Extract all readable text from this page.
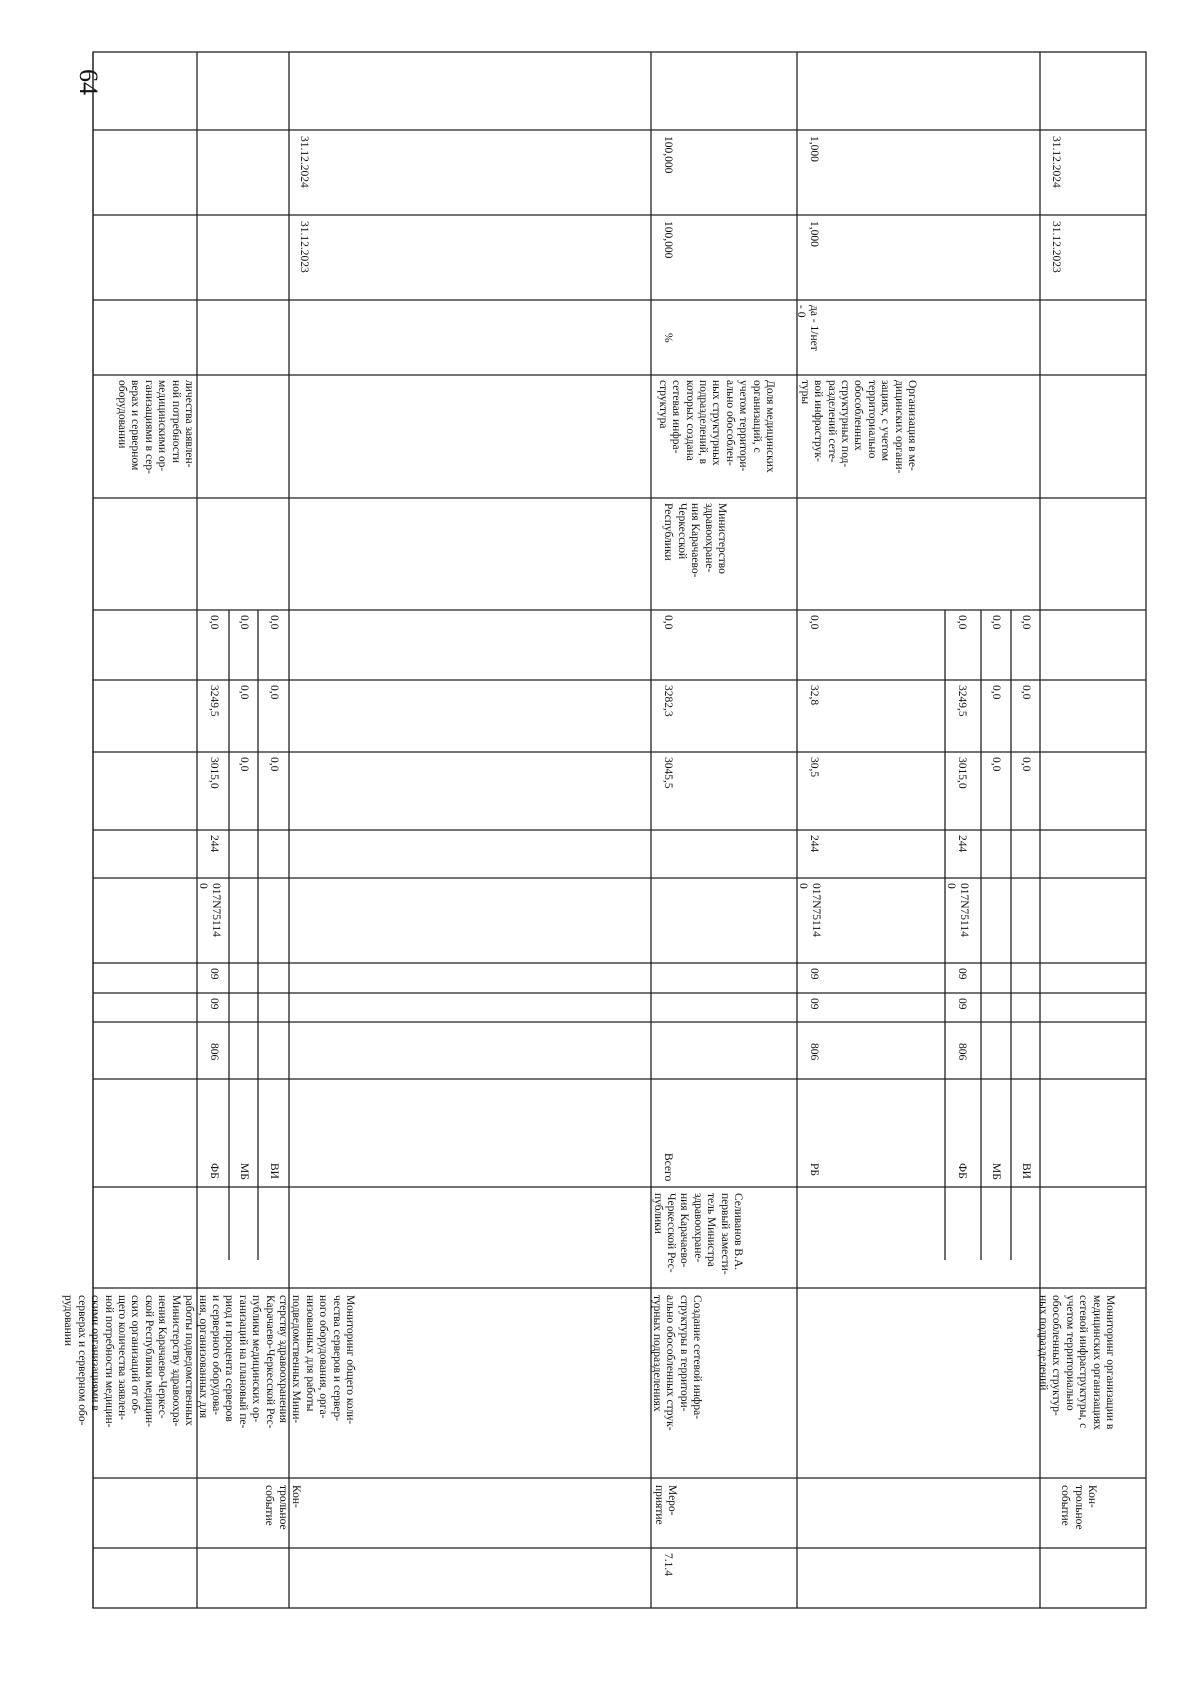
64
личества заявлен-
ной потребности
медицинскими ор-
ганизациями в сер-
верах и серверном
оборудовании
ФБ
806
09
09
017N75114
0
244
3015,0
3249,5
0,0
МБ
0,0
0,0
0,0
ВИ
0,0
0,0
0,0
Кон-
трольное
событие
Мониторинг общего коли-
чества серверов и сервер-
ного оборудования, орга-
низованных для работы
подведомственных Мини-
стерству здравоохранения
Карачаево-Черкесской Рес-
публики медицинских ор-
ганизаций на плановый пе-
риод и процента серверов
и серверного оборудова-
ния, организованных для
работы подведомственных
Министерству здравоохра-
нения Карачаево-Черкес-
ской Республики медицин-
ских организаций от об-
щего количества заявлен-
ной потребности медицин-
скими организациями в
серверах и серверном обо-
рудовании
31.12.2023
31.12.2024
7.1.4
Меро-
приятие
Создание сетевой инфра-
структуры в территори-
ально обособленных струк-
турных подразделениях
Селиванов В.А.
первый замести-
тель Министра
здравоохране-
ния Карачаево-
Черкесской Рес-
публики
Всего
3045,5
3282,3
0,0
Министерство
здравоохране-
ния Карачаево-
Черкесской
Республики
Доля медицинских
организаций, с
учетом территори-
ально обособлен-
ных структурных
подразделений, в
которых создана
сетевая инфра-
структура
%
100,000
100,000
РБ
806
09
09
017N75114
0
244
30,5
32,8
0,0
Организация в ме-
дицинских органи-
зациях, с учетом
территориально
обособленных
структурных под-
разделений сете-
вой инфраструк-
туры
да - 1/нет
- 0
1,000
1,000
ФБ
806
09
09
017N75114
0
244
3015,0
3249,5
0,0
МБ
0,0
0,0
0,0
ВИ
0,0
0,0
0,0
Кон-
трольное
событие
Мониторинг организации в
медицинских организациях
сетевой инфраструктуры, с
учетом территориально
обособленных структур-
ных подразделений
31.12.2023
31.12.2024
